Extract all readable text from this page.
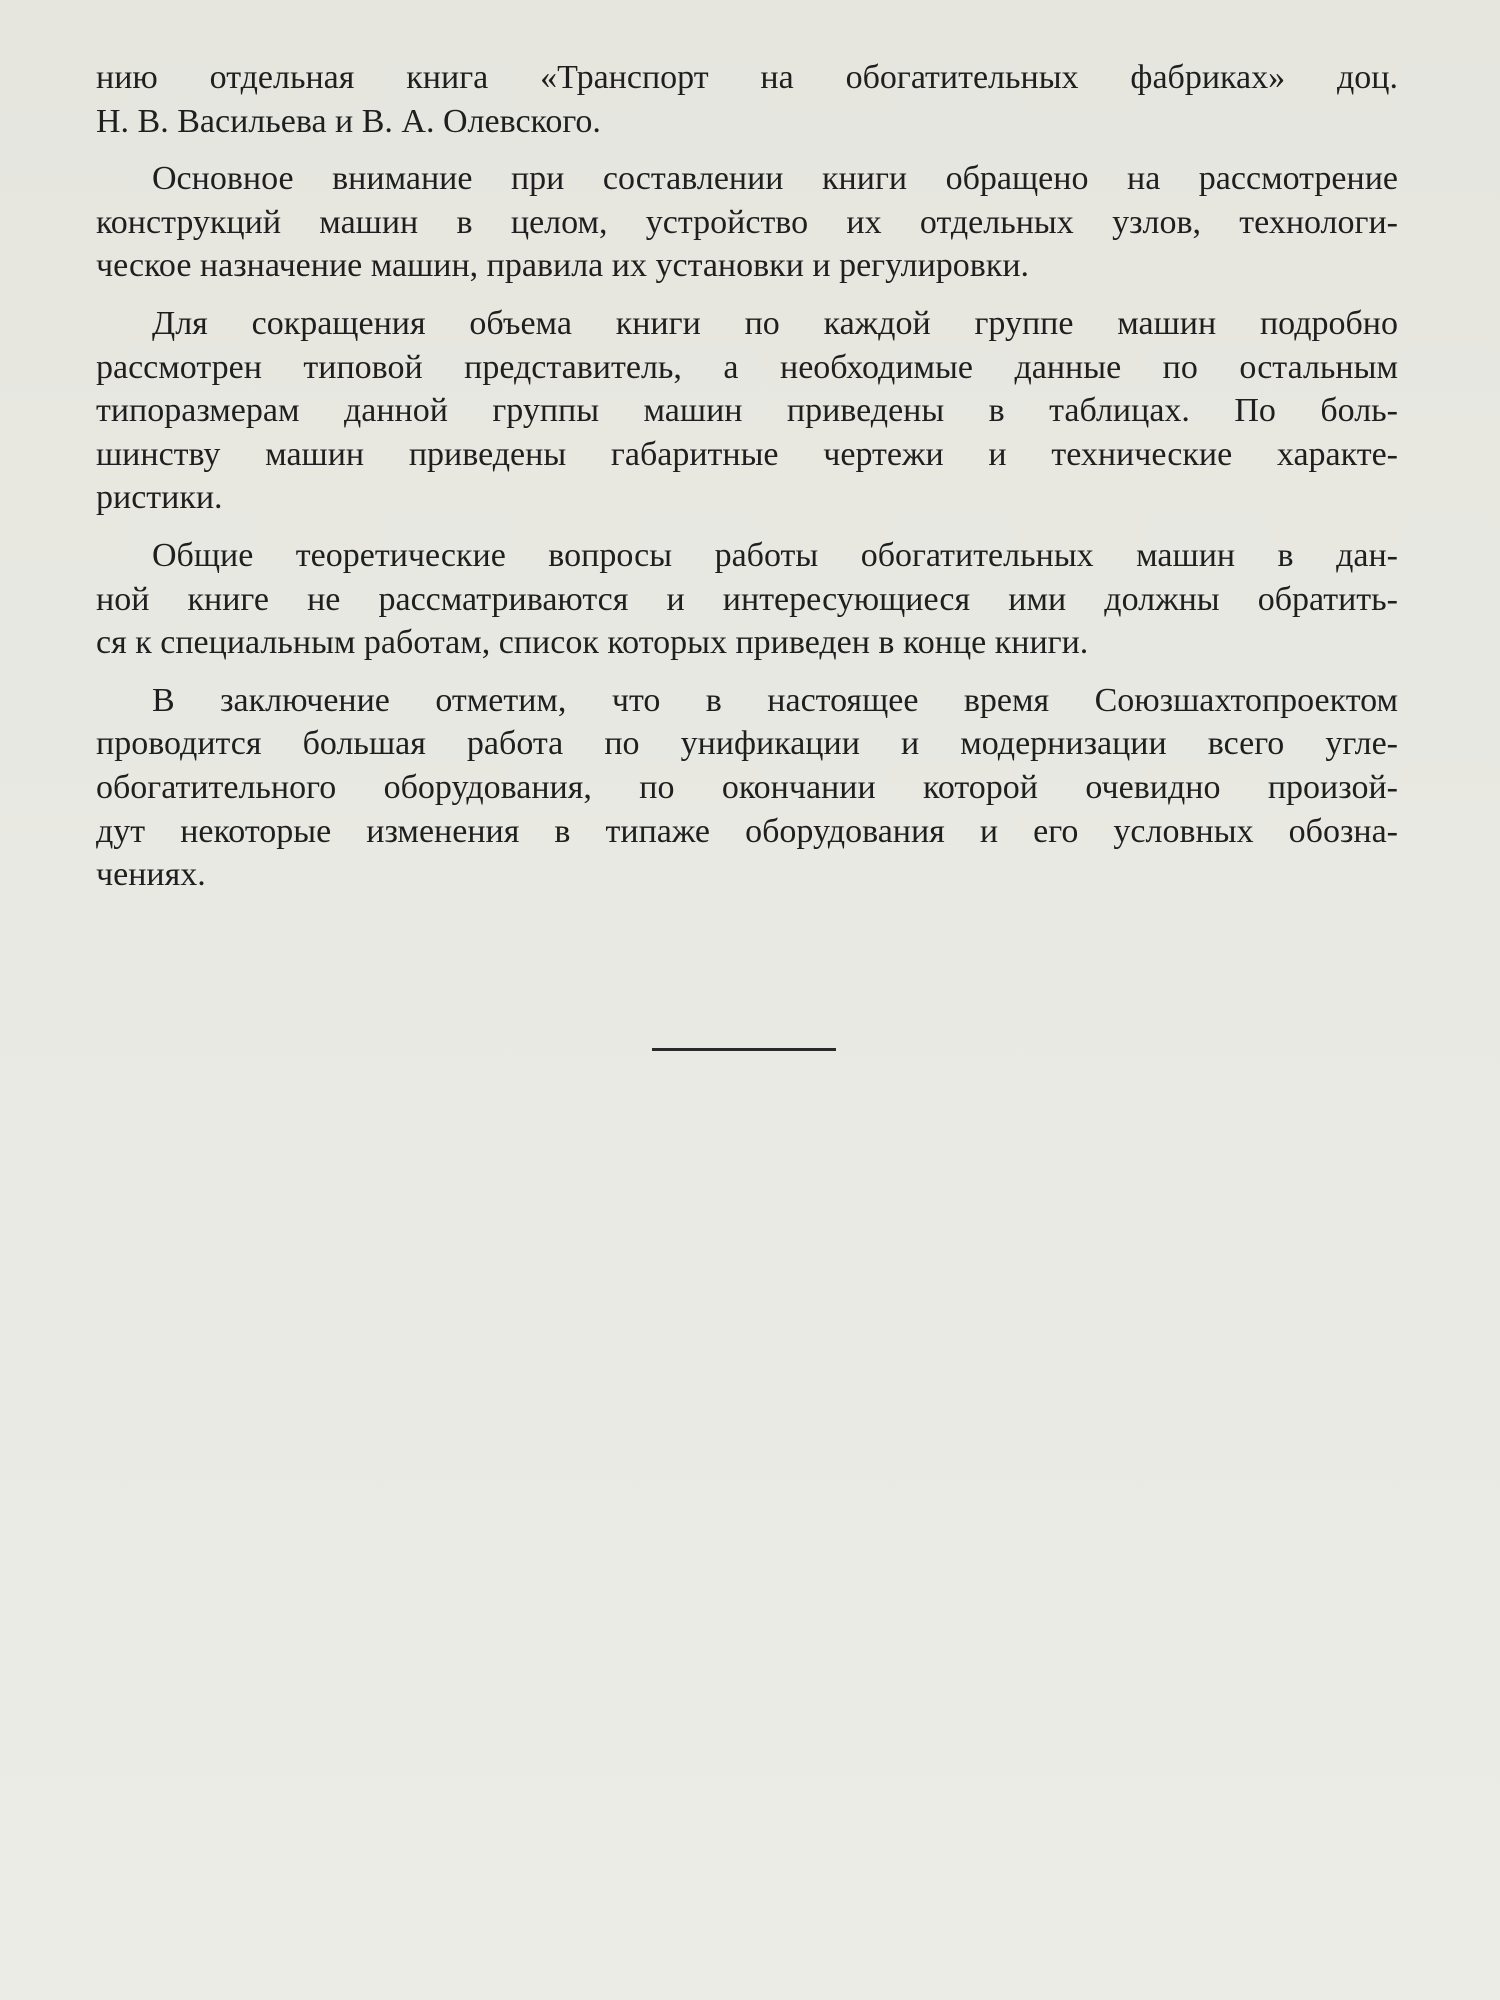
нию отдельная книга «Транспорт на обогатительных фабриках» доц.
Н. В. Васильева и В. А. Олевского.
Основное внимание при составлении книги обращено на рассмотрение
конструкций машин в целом, устройство их отдельных узлов, технологи-
ческое назначение машин, правила их установки и регулировки.
Для сокращения объема книги по каждой группе машин подробно
рассмотрен типовой представитель, а необходимые данные по остальным
типоразмерам данной группы машин приведены в таблицах. По боль-
шинству машин приведены габаритные чертежи и технические характе-
ристики.
Общие теоретические вопросы работы обогатительных машин в дан-
ной книге не рассматриваются и интересующиеся ими должны обратить-
ся к специальным работам, список которых приведен в конце книги.
В заключение отметим, что в настоящее время Союзшахтопроектом
проводится большая работа по унификации и модернизации всего угле-
обогатительного оборудования, по окончании которой очевидно произой-
дут некоторые изменения в типаже оборудования и его условных обозна-
чениях.
